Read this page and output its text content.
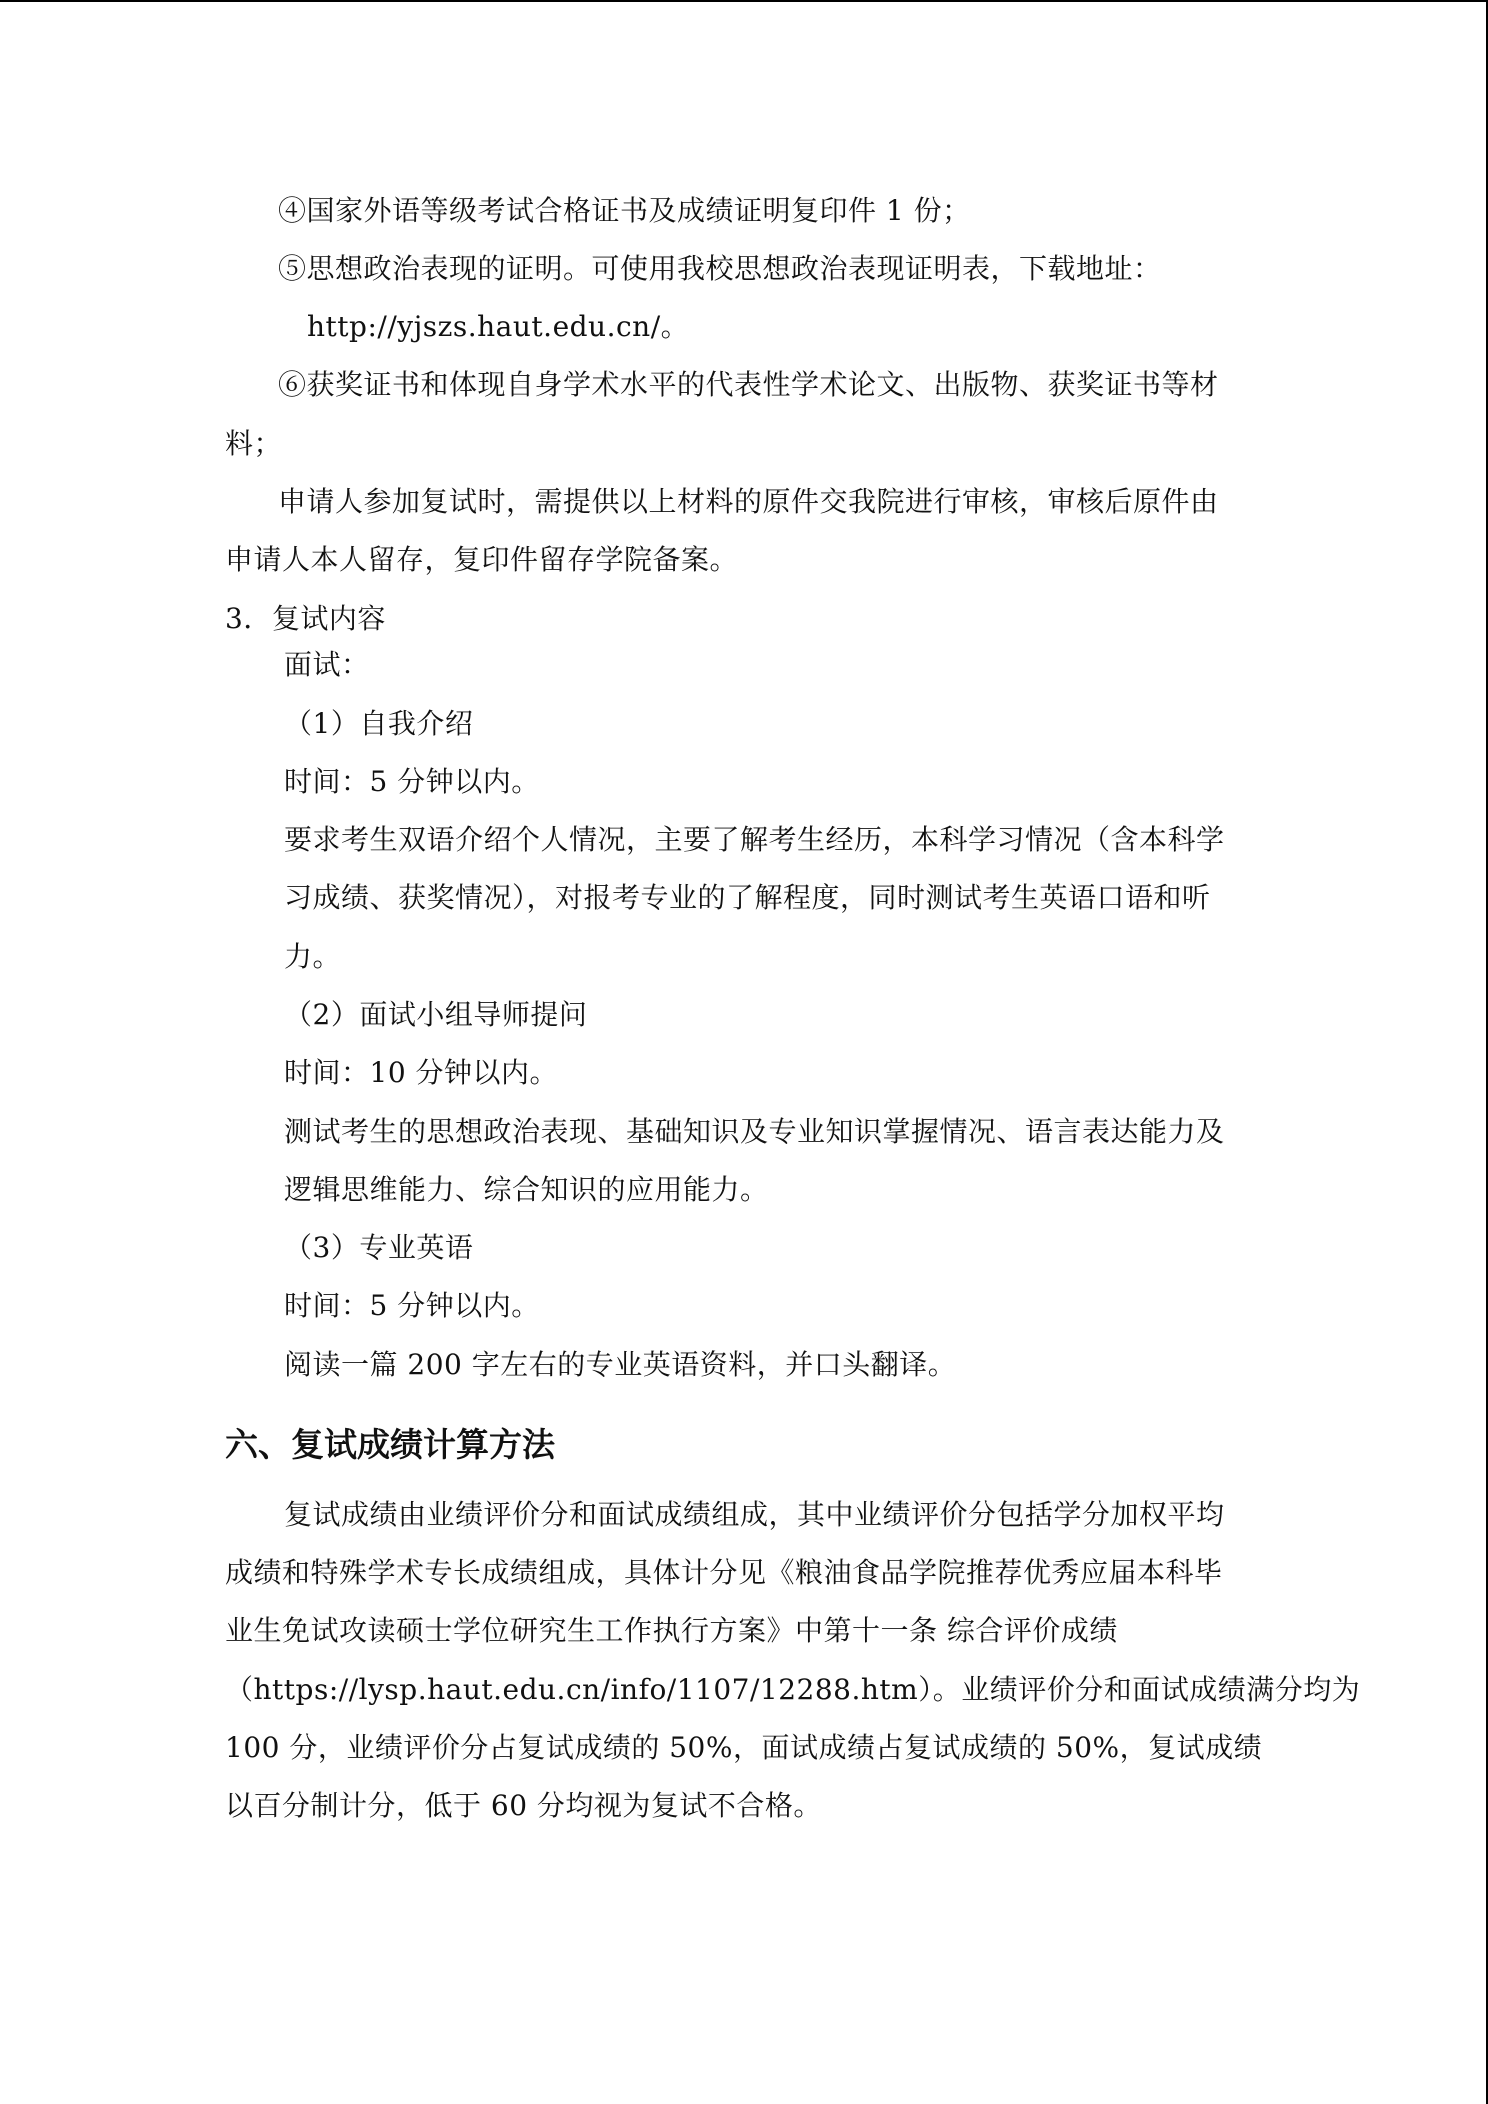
④国家外语等级考试合格证书及成绩证明复印件 1 份；
⑤思想政治表现的证明。可使用我校思想政治表现证明表，下载地址：
http://yjszs.haut.edu.cn/。
⑥获奖证书和体现自身学术水平的代表性学术论文、出版物、获奖证书等材
料；
申请人参加复试时，需提供以上材料的原件交我院进行审核，审核后原件由
申请人本人留存，复印件留存学院备案。
3．复试内容
面试：
（1）自我介绍
时间：5 分钟以内。
要求考生双语介绍个人情况，主要了解考生经历，本科学习情况（含本科学
习成绩、获奖情况），对报考专业的了解程度，同时测试考生英语口语和听
力。
（2）面试小组导师提问
时间：10 分钟以内。
测试考生的思想政治表现、基础知识及专业知识掌握情况、语言表达能力及
逻辑思维能力、综合知识的应用能力。
（3）专业英语
时间：5 分钟以内。
阅读一篇 200 字左右的专业英语资料，并口头翻译。
六、复试成绩计算方法
复试成绩由业绩评价分和面试成绩组成，其中业绩评价分包括学分加权平均
成绩和特殊学术专长成绩组成，具体计分见《粮油食品学院推荐优秀应届本科毕
业生免试攻读硕士学位研究生工作执行方案》中第十一条 综合评价成绩
（https://lysp.haut.edu.cn/info/1107/12288.htm）。业绩评价分和面试成绩满分均为
100 分，业绩评价分占复试成绩的 50%，面试成绩占复试成绩的 50%，复试成绩
以百分制计分，低于 60 分均视为复试不合格。
